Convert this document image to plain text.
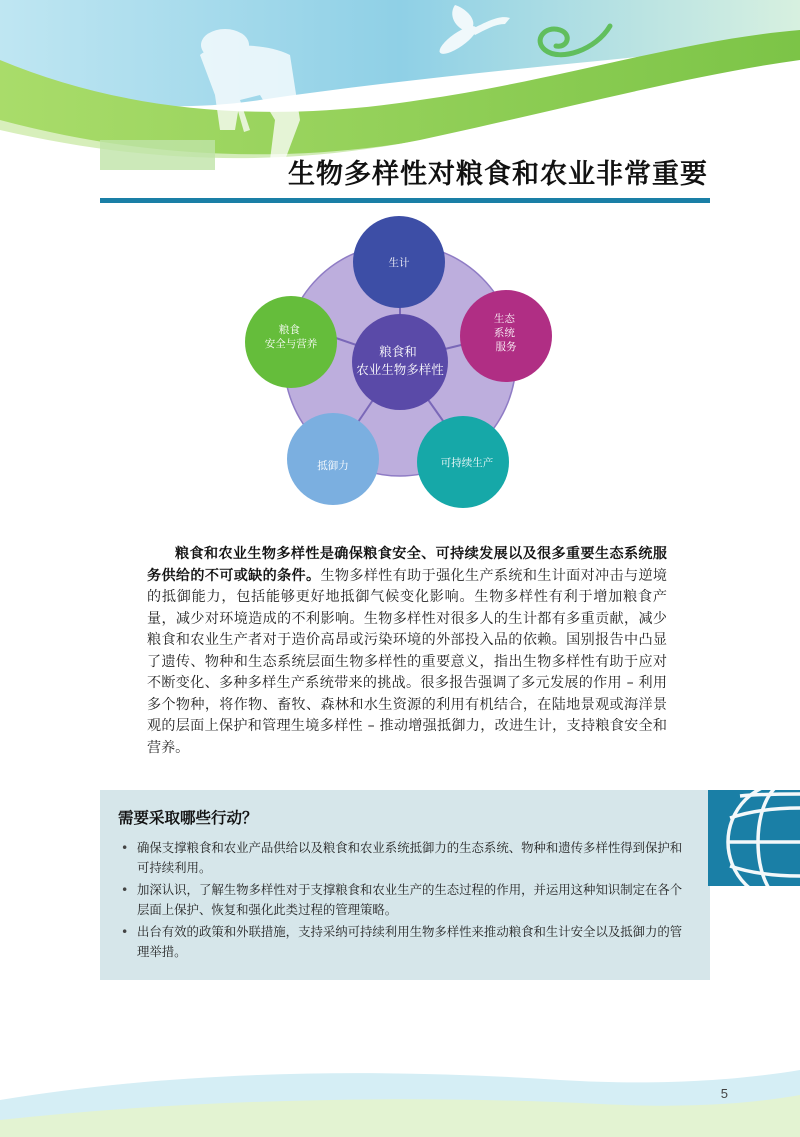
生物多样性对粮食和农业非常重要
生计
生态 系统 服务
可持续生产
抵御力
粮食 安全与营养	粮食和 农业生物多样性

粮食和农业生物多样性是确保粮食安全、可持续发展以及很多重要生态系统服务供给的不可或缺的条件。生物多样性有助于强化生产系统和生计面对冲击与逆境的抵御能力，包括能够更好地抵御气候变化影响。生物多样性有利于增加粮食产量，减少对环境造成的不利影响。生物多样性对很多人的生计都有多重贡献，减少粮食和农业生产者对于造价高昂或污染环境的外部投入品的依赖。国别报告中凸显了遗传、物种和生态系统层面生物多样性的重要意义，指出生物多样性有助于应对不断变化、多种多样生产系统带来的挑战。很多报告强调了多元发展的作用 – 利用多个物种，将作物、畜牧、森林和水生资源的利用有机结合，在陆地景观或海洋景观的层面上保护和管理生境多样性 – 推动增强抵御力，改进生计，支持粮食安全和营养。

需要采取哪些行动？
• 确保支撑粮食和农业产品供给以及粮食和农业系统抵御力的生态系统、物种和遗传多样性得到保护和可持续利用。
• 加深认识，了解生物多样性对于支撑粮食和农业生产的生态过程的作用，并运用这种知识制定在各个层面上保护、恢复和强化此类过程的管理策略。
• 出台有效的政策和外联措施，支持采纳可持续利用生物多样性来推动粮食和生计安全以及抵御力的管理举措。
5
